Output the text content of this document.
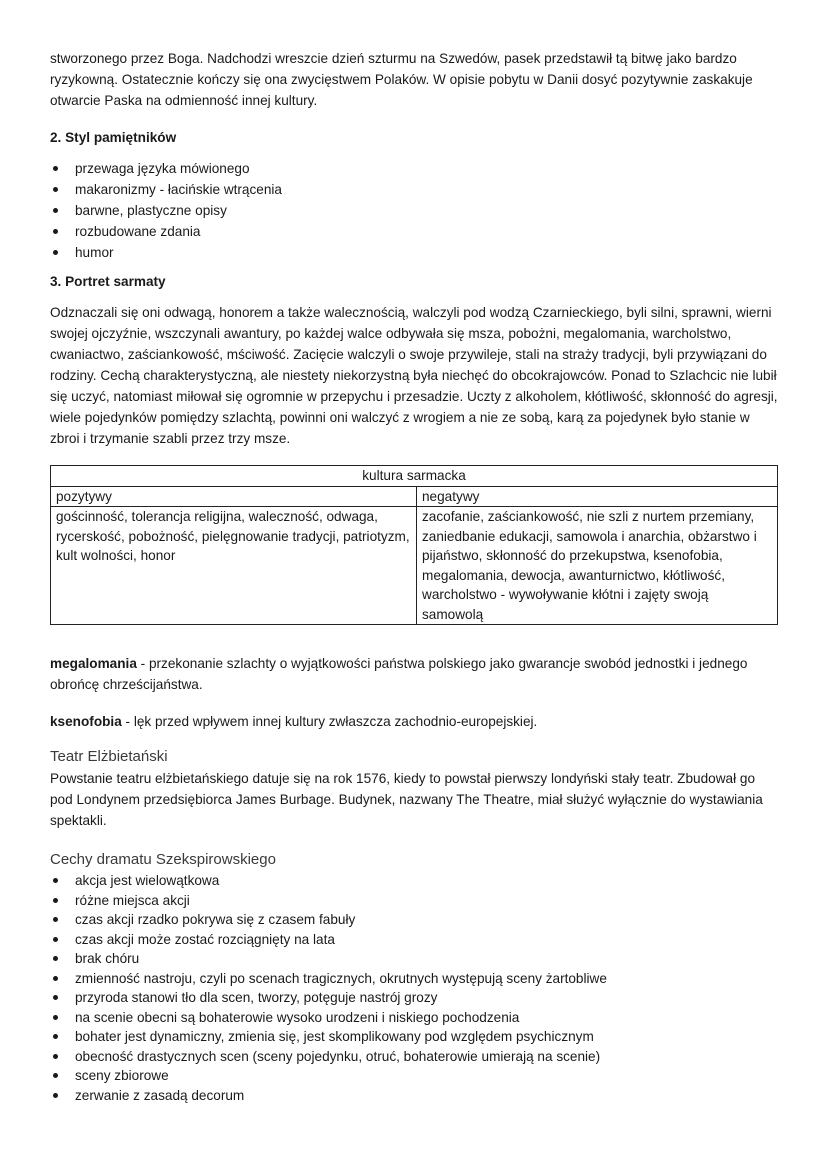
stworzonego przez Boga. Nadchodzi wreszcie dzień szturmu na Szwedów, pasek przedstawił tą bitwę jako bardzo ryzykowną. Ostatecznie kończy się ona zwycięstwem Polaków. W opisie pobytu w Danii dosyć pozytywnie zaskakuje otwarcie Paska na odmienność innej kultury.

2. Styl pamiętników
przewaga języka mówionego
makaronizmy - łacińskie wtrącenia
barwne, plastyczne opisy
rozbudowane zdania
humor
3. Portret sarmaty

Odznaczali się oni odwagą, honorem a także walecznością, walczyli pod wodzą Czarnieckiego, byli silni, sprawni, wierni swojej ojczyźnie, wszczynali awantury, po każdej walce odbywała się msza, pobożni, megalomania, warcholstwo, cwaniactwo, zaściankowość, mściwość. Zacięcie walczyli o swoje przywileje, stali na straży tradycji, byli przywiązani do rodziny. Cechą charakterystyczną, ale niestety niekorzystną była niechęć do obcokrajowców. Ponad to Szlachcic nie lubił się uczyć, natomiast miłował się ogromnie w przepychu i przesadzie. Uczty z alkoholem, kłótliwość, skłonność do agresji, wiele pojedynków pomiędzy szlachtą, powinni oni walczyć z wrogiem a nie ze sobą, karą za pojedynek było stanie w zbroi i trzymanie szabli przez trzy msze.

kultura sarmacka	
pozytywy	negatywy
gościnność, tolerancja religijna, waleczność, odwaga, rycerskość, pobożność, pielęgnowanie tradycji, patriotyzm, kult wolności, honor	zacofanie, zaściankowość, nie szli z nurtem przemiany, zaniedbanie edukacji, samowola i anarchia, obżarstwo i pijaństwo, skłonność do przekupstwa, ksenofobia, megalomania, dewocja, awanturnictwo, kłótliwość, warcholstwo - wywoływanie kłótni i zajęty swoją samowolą

megalomania - przekonanie szlachty o wyjątkowości państwa polskiego jako gwarancje swobód jednostki i jednego obrońcę chrześcijaństwa.

ksenofobia - lęk przed wpływem innej kultury zwłaszcza zachodnio-europejskiej.

Teatr Elżbietański

Powstanie teatru elżbietańskiego datuje się na rok 1576, kiedy to powstał pierwszy londyński stały teatr. Zbudował go pod Londynem przedsiębiorca James Burbage. Budynek, nazwany The Theatre, miał służyć wyłącznie do wystawiania spektakli.

Cechy dramatu Szekspirowskiego
akcja jest wielowątkowa
różne miejsca akcji
czas akcji rzadko pokrywa się z czasem fabuły
czas akcji może zostać rozciągnięty na lata
brak chóru
zmienność nastroju, czyli po scenach tragicznych, okrutnych występują sceny żartobliwe
przyroda stanowi tło dla scen, tworzy, potęguje nastrój grozy
na scenie obecni są bohaterowie wysoko urodzeni i niskiego pochodzenia
bohater jest dynamiczny, zmienia się, jest skomplikowany pod względem psychicznym
obecność drastycznych scen (sceny pojedynku, otruć, bohaterowie umierają na scenie)
sceny zbiorowe
zerwanie z zasadą decorum
